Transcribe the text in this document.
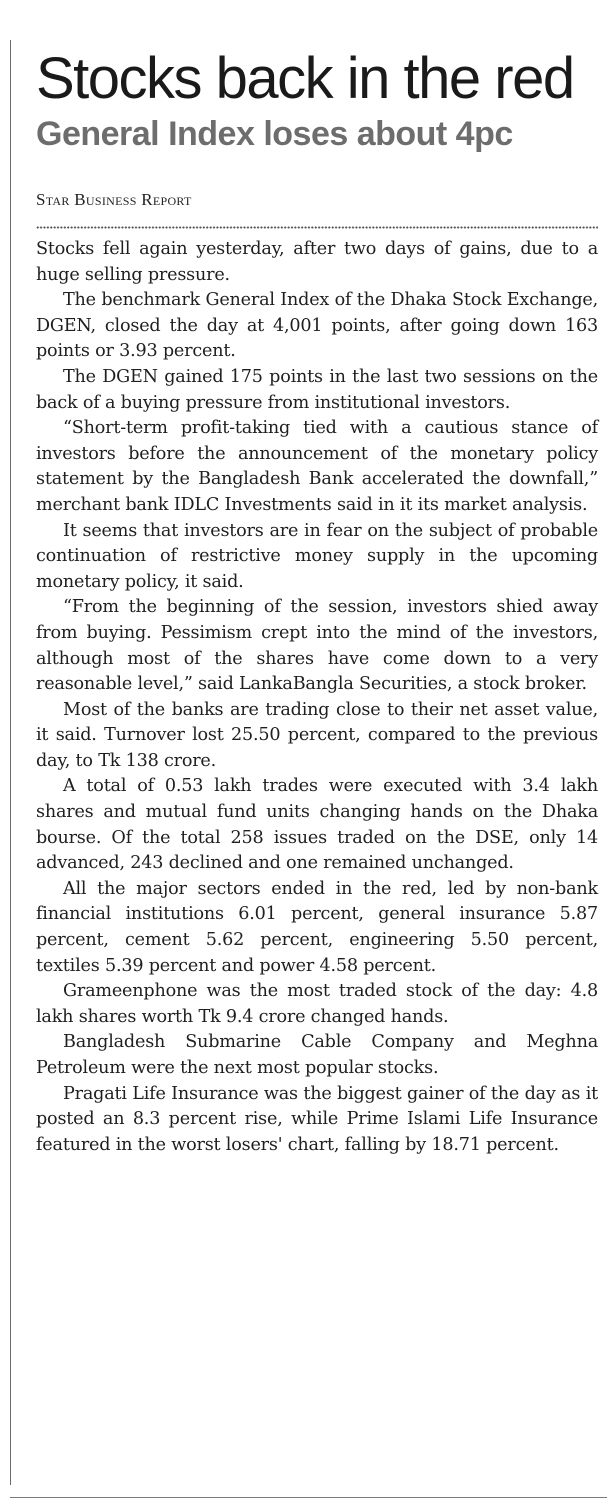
Stocks back in the red
General Index loses about 4pc
Star Business Report

Stocks fell again yesterday, after two days of gains, due to a huge selling pressure.

The benchmark General Index of the Dhaka Stock Exchange, DGEN, closed the day at 4,001 points, after going down 163 points or 3.93 percent.

The DGEN gained 175 points in the last two sessions on the back of a buying pressure from institutional investors.

“Short-term profit-taking tied with a cautious stance of investors before the announcement of the monetary policy statement by the Bangladesh Bank accelerated the downfall,” merchant bank IDLC Investments said in it its market analysis.

It seems that investors are in fear on the subject of probable continuation of restrictive money supply in the upcoming monetary policy, it said.

“From the beginning of the session, investors shied away from buying. Pessimism crept into the mind of the investors, although most of the shares have come down to a very reasonable level,” said LankaBangla Securities, a stock broker.

Most of the banks are trading close to their net asset value, it said. Turnover lost 25.50 percent, compared to the previous day, to Tk 138 crore.

A total of 0.53 lakh trades were executed with 3.4 lakh shares and mutual fund units changing hands on the Dhaka bourse. Of the total 258 issues traded on the DSE, only 14 advanced, 243 declined and one remained unchanged.

All the major sectors ended in the red, led by non-bank financial institutions 6.01 percent, general insurance 5.87 percent, cement 5.62 percent, engineering 5.50 percent, textiles 5.39 percent and power 4.58 percent.

Grameenphone was the most traded stock of the day: 4.8 lakh shares worth Tk 9.4 crore changed hands.

Bangladesh Submarine Cable Company and Meghna Petroleum were the next most popular stocks.

Pragati Life Insurance was the biggest gainer of the day as it posted an 8.3 percent rise, while Prime Islami Life Insurance featured in the worst losers' chart, falling by 18.71 percent.
